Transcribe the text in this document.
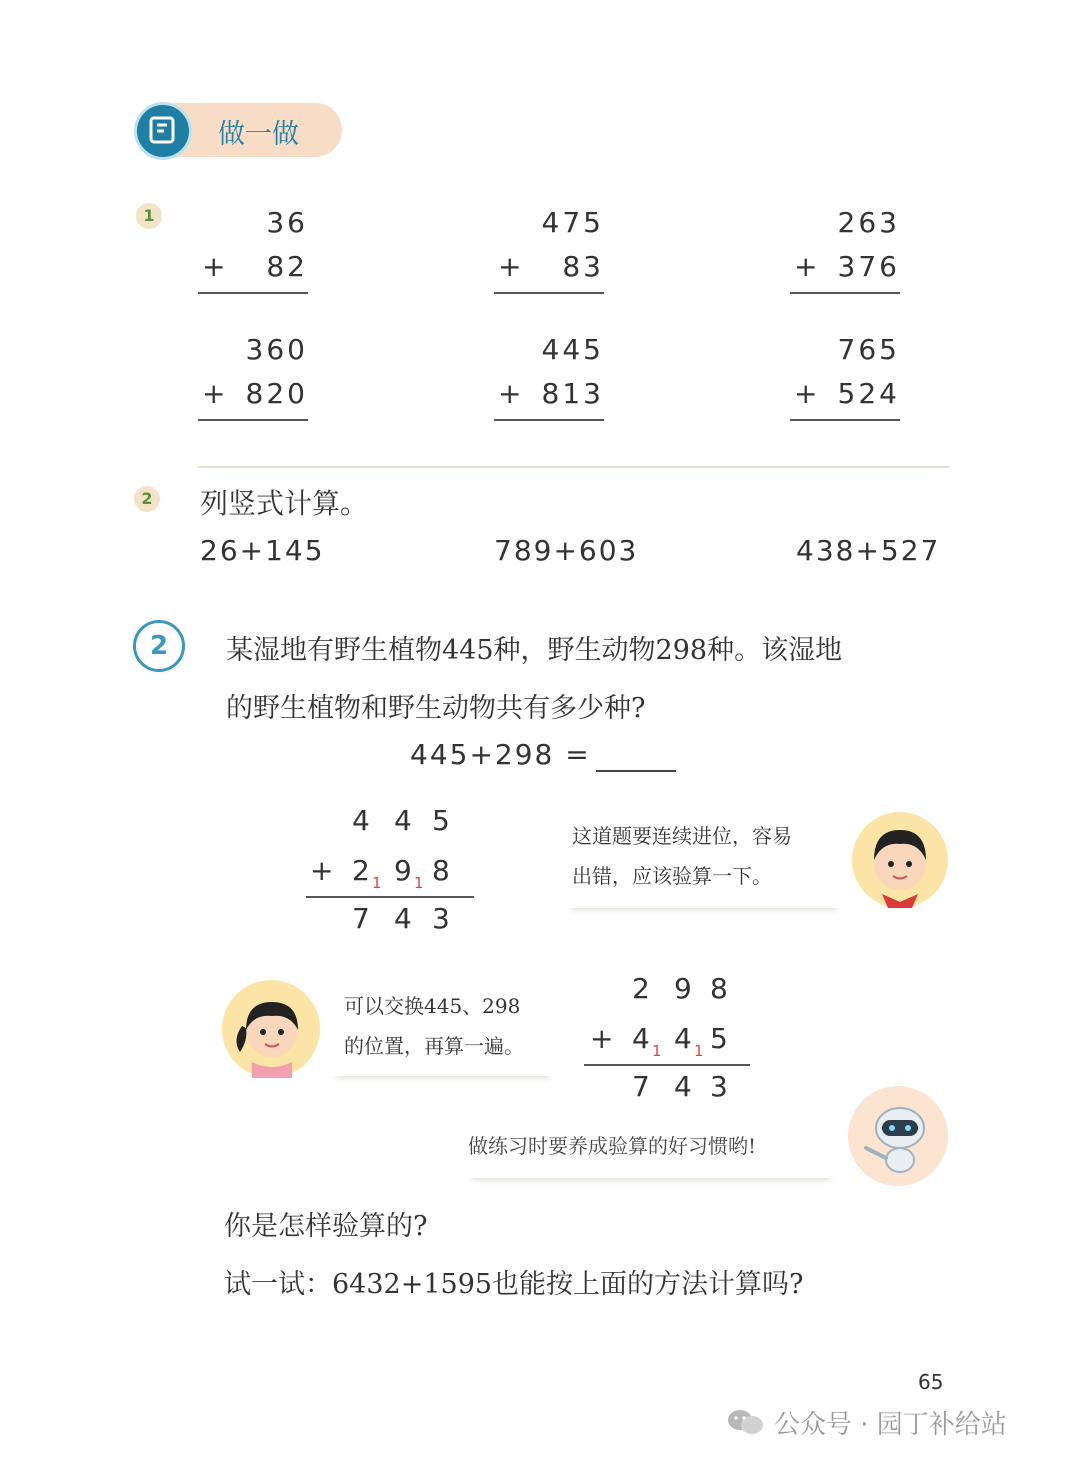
做一做
1	36
+ 82
475
+ 83
263
+ 376
360
+ 820
445
+ 813
765
+ 524
2 列竖式计算。
26+145	789+603	438+527
2	某湿地有野生植物445种，野生动物298种。该湿地
的野生植物和野生动物共有多少种?
445+298 =
4 4 5
+ 2 1 9 1 8
7 4 3
这道题要连续进位，容易
出错，应该验算一下。
可以交换445、298
的位置，再算一遍。
2 9 8
+ 4 1 4 1 5
7 4 3
做练习时要养成验算的好习惯哟!
你是怎样验算的?
试一试：6432+1595也能按上面的方法计算吗?
65
公众号 · 园丁补给站
